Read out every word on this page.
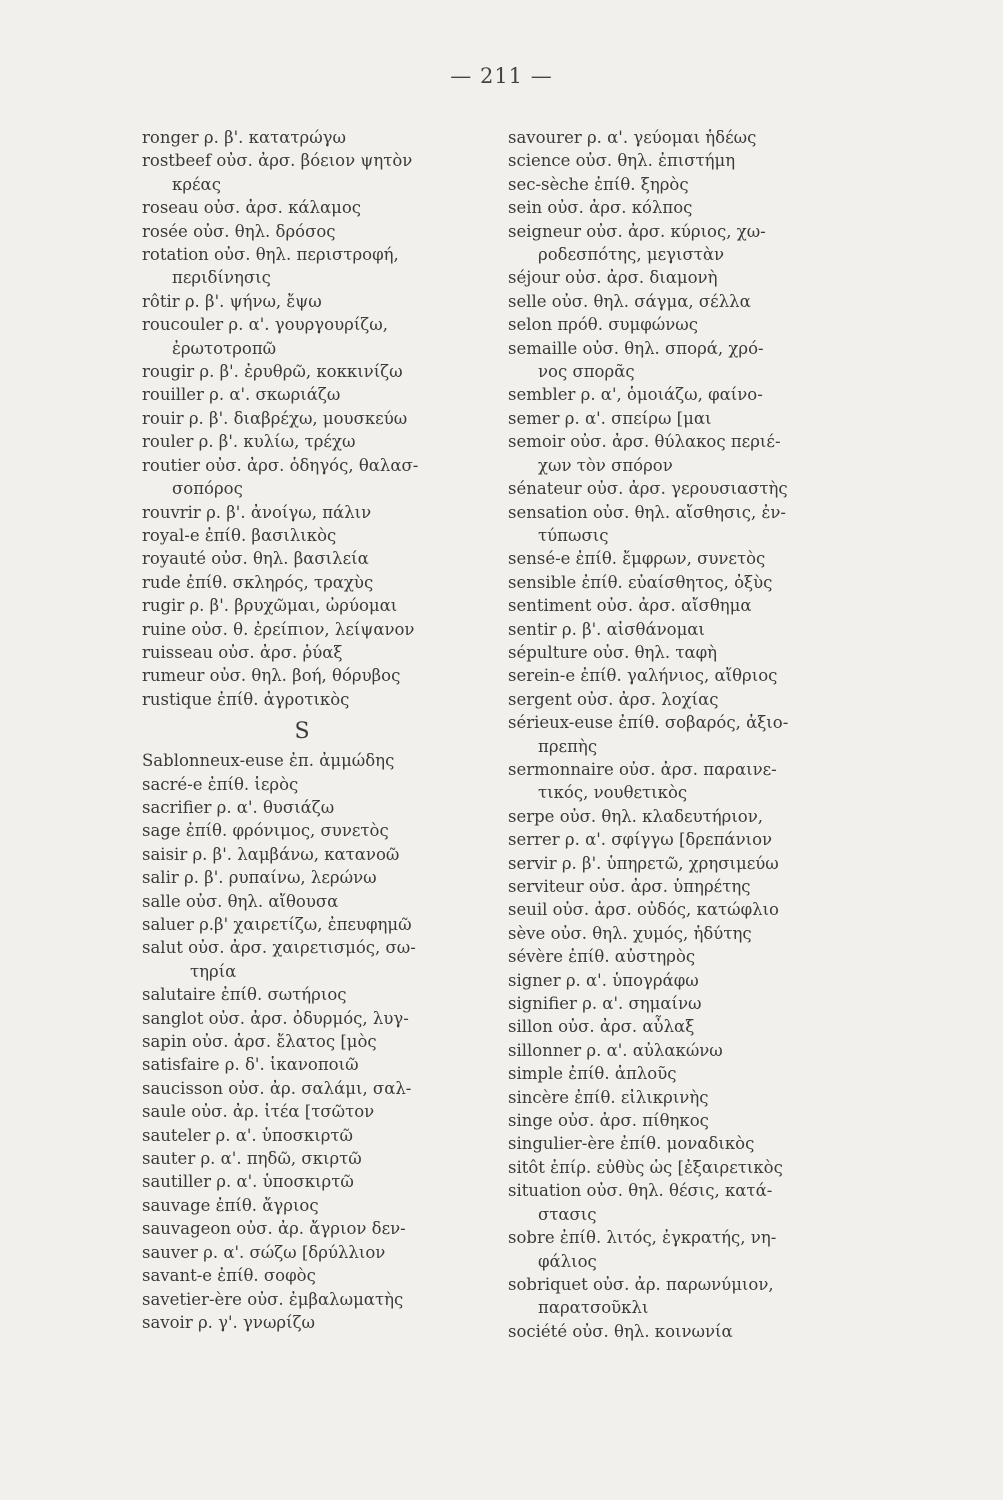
— 211 —
ronger ρ. β'. κατατρώγω
rostbeef οὐσ. ἀρσ. βόειον ψητὸν
κρέας
roseau οὐσ. ἀρσ. κάλαμος
rosée οὐσ. θηλ. δρόσος
rotation οὐσ. θηλ. περιστροφή,
περιδίνησις
rôtir ρ. β'. ψήνω, ἔψω
roucouler ρ. α'. γουργουρίζω,
ἐρωτοτροπῶ
rougir ρ. β'. ἐρυθρῶ, κοκκινίζω
rouiller ρ. α'. σκωριάζω
rouir ρ. β'. διαβρέχω, μουσκεύω
rouler ρ. β'. κυλίω, τρέχω
routier οὐσ. ἀρσ. ὁδηγός, θαλασ-
σοπόρος
rouvrir ρ. β'. ἀνοίγω, πάλιν
royal-e ἐπίθ. βασιλικὸς
royauté οὐσ. θηλ. βασιλεία
rude ἐπίθ. σκληρός, τραχὺς
rugir ρ. β'. βρυχῶμαι, ὠρύομαι
ruine οὐσ. θ. ἐρείπιον, λείψανον
ruisseau οὐσ. ἀρσ. ῥύαξ
rumeur οὐσ. θηλ. βοή, θόρυβος
rustique ἐπίθ. ἀγροτικὸς
S
Sablonneux-euse ἐπ. ἀμμώδης
sacré-e ἐπίθ. ἱερὸς
sacrifier ρ. α'. θυσιάζω
sage ἐπίθ. φρόνιμος, συνετὸς
saisir ρ. β'. λαμβάνω, κατανοῶ
salir ρ. β'. ρυπαίνω, λερώνω
salle οὐσ. θηλ. αἴθουσα
saluer ρ.β' χαιρετίζω, ἐπευφημῶ
salut οὐσ. ἀρσ. χαιρετισμός, σω-
τηρία
salutaire ἐπίθ. σωτήριος
sanglot οὐσ. ἀρσ. ὀδυρμός, λυγ-
sapin οὐσ. ἀρσ. ἔλατος [μὸς
satisfaire ρ. δ'. ἱκανοποιῶ
saucisson οὐσ. ἀρ. σαλάμι, σαλ-
saule οὐσ. ἀρ. ἰτέα [τσῶτον
sauteler ρ. α'. ὑποσκιρτῶ
sauter ρ. α'. πηδῶ, σκιρτῶ
sautiller ρ. α'. ὑποσκιρτῶ
sauvage ἐπίθ. ἄγριος
sauvageon οὐσ. ἀρ. ἄγριον δεν-
sauver ρ. α'. σώζω [δρύλλιον
savant-e ἐπίθ. σοφὸς
savetier-ère οὐσ. ἐμβαλωματὴς
savoir ρ. γ'. γνωρίζω
savourer ρ. α'. γεύομαι ἡδέως
science οὐσ. θηλ. ἐπιστήμη
sec-sèche ἐπίθ. ξηρὸς
sein οὐσ. ἀρσ. κόλπος
seigneur οὐσ. ἀρσ. κύριος, χω-
ροδεσπότης, μεγιστὰν
séjour οὐσ. ἀρσ. διαμονὴ
selle οὐσ. θηλ. σάγμα, σέλλα
selon πρόθ. συμφώνως
semaille οὐσ. θηλ. σπορά, χρό-
νος σπορᾶς
sembler ρ. α', ὁμοιάζω, φαίνο-
semer ρ. α'. σπείρω [μαι
semoir οὐσ. ἀρσ. θύλακος περιέ-
χων τὸν σπόρον
sénateur οὐσ. ἀρσ. γερουσιαστὴς
sensation οὐσ. θηλ. αἴσθησις, ἐν-
τύπωσις
sensé-e ἐπίθ. ἔμφρων, συνετὸς
sensible ἐπίθ. εὐαίσθητος, ὀξὺς
sentiment οὐσ. ἀρσ. αἴσθημα
sentir ρ. β'. αἰσθάνομαι
sépulture οὐσ. θηλ. ταφὴ
serein-e ἐπίθ. γαλήνιος, αἴθριος
sergent οὐσ. ἀρσ. λοχίας
sérieux-euse ἐπίθ. σοβαρός, ἀξιο-
πρεπὴς
sermonnaire οὐσ. ἀρσ. παραινε-
τικός, νουθετικὸς
serpe οὐσ. θηλ. κλαδευτήριον,
serrer ρ. α'. σφίγγω [δρεπάνιον
servir ρ. β'. ὑπηρετῶ, χρησιμεύω
serviteur οὐσ. ἀρσ. ὑπηρέτης
seuil οὐσ. ἀρσ. οὐδός, κατώφλιο
sève οὐσ. θηλ. χυμός, ἡδύτης
sévère ἐπίθ. αὐστηρὸς
signer ρ. α'. ὑπογράφω
signifier ρ. α'. σημαίνω
sillon οὐσ. ἀρσ. αὖλαξ
sillonner ρ. α'. αὐλακώνω
simple ἐπίθ. ἁπλοῦς
sincère ἐπίθ. εἰλικρινὴς
singe οὐσ. ἀρσ. πίθηκος
singulier-ère ἐπίθ. μοναδικὸς
sitôt ἐπίρ. εὐθὺς ὡς [ἐξαιρετικὸς
situation οὐσ. θηλ. θέσις, κατά-
στασις
sobre ἐπίθ. λιτός, ἐγκρατής, νη-
φάλιος
sobriquet οὐσ. ἀρ. παρωνύμιον,
παρατσοῦκλι
société οὐσ. θηλ. κοινωνία
